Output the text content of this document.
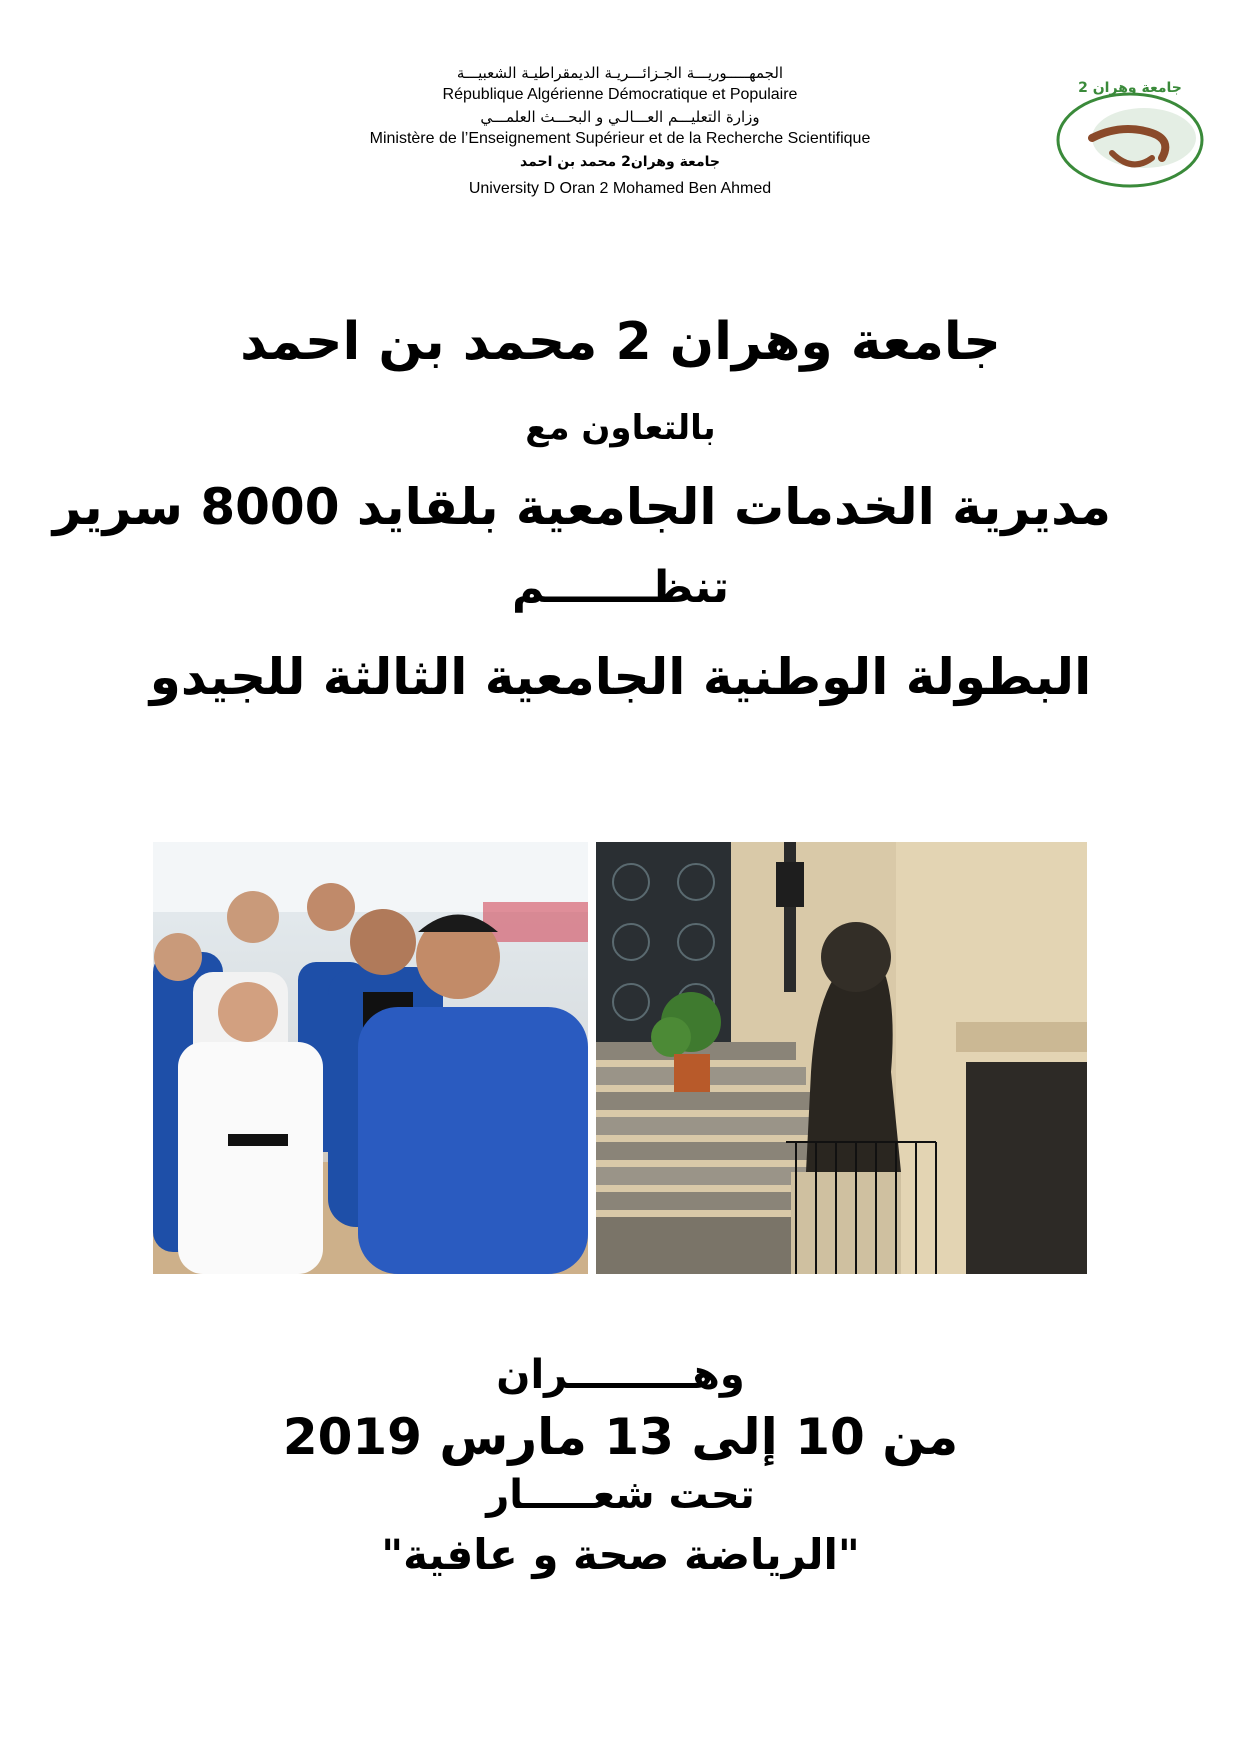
الجمهـــــوريـــة الجـزائـــريـة الديمقراطيـة الشعبيـــة
République Algérienne Démocratique et Populaire
وزارة التعليـــم العـــالـي و البحـــث العلمـــي
Ministère de l’Enseignement Supérieur et de la Recherche Scientifique
جامعة وهران2 محمد بن احمد
University D Oran 2 Mohamed Ben Ahmed
جامعة وهران 2
جامعة وهران 2 محمد بن احمد
بالتعاون مع
مديرية الخدمات الجامعية بلقايد 8000 سرير
تنظـــــــم
البطولة الوطنية الجامعية الثالثة للجيدو
وهـــــــــران
من 10 إلى 13 مارس 2019
تحت شعـــــار
"الرياضة صحة و عافية"
